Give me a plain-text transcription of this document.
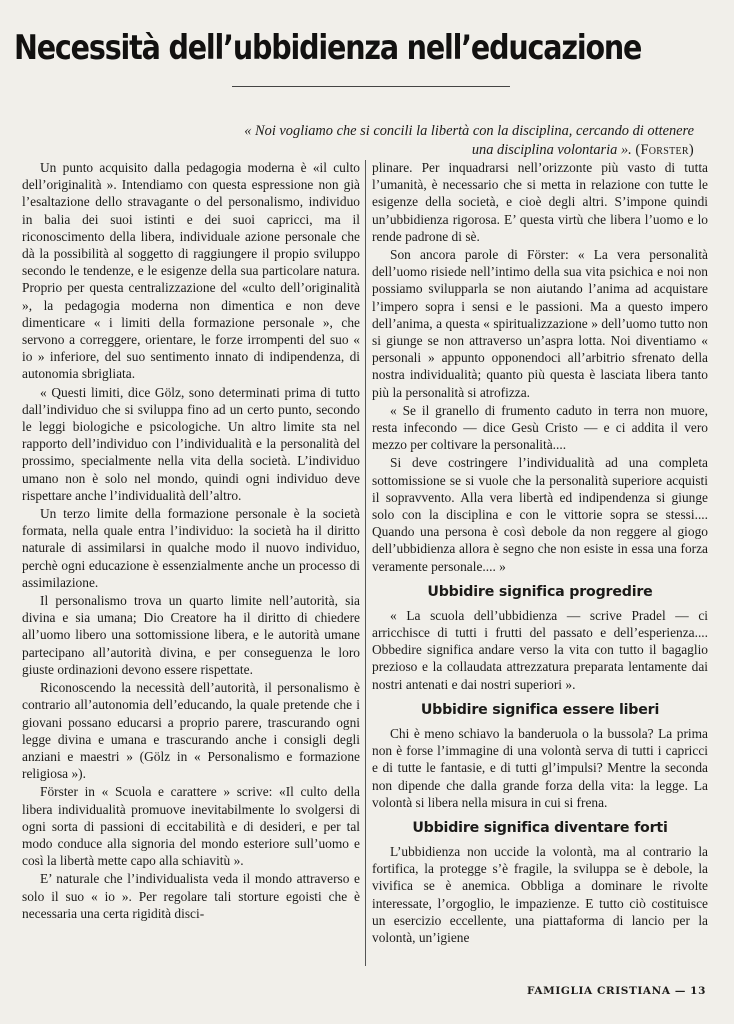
Necessità dell’ubbidienza nell’educazione
« Noi vogliamo che si concili la libertà con la disciplina, cercando di ottenere una disciplina volontaria ». (Forster)

Un punto acquisito dalla pedagogia moderna è «il culto dell’originalità ». Intendiamo con questa espressione non già l’esaltazione dello stravagante o del personalismo, individuo in balia dei suoi istinti e dei suoi capricci, ma il riconoscimento della libera, individuale azione personale che dà la possibilità al soggetto di raggiungere il propio sviluppo secondo le tendenze, e le esigenze della sua particolare natura. Proprio per questa centralizzazione del «culto dell’originalità », la pedagogia moderna non dimentica e non deve dimenticare « i limiti della formazione personale », che servono a correggere, orientare, le forze irrompenti del suo « io » inferiore, del suo sentimento innato di indipendenza, di autonomia sbrigliata.

« Questi limiti, dice Gölz, sono determinati prima di tutto dall’individuo che si sviluppa fino ad un certo punto, secondo le leggi biologiche e psicologiche. Un altro limite sta nel rapporto dell’individuo con l’individualità e la personalità del prossimo, specialmente nella vita della società. L’individuo umano non è solo nel mondo, quindi ogni individuo deve rispettare anche l’individualità dell’altro.

Un terzo limite della formazione personale è la società formata, nella quale entra l’individuo: la società ha il diritto naturale di assimilarsi in qualche modo il nuovo individuo, perchè ogni educazione è essenzialmente anche un processo di assimilazione.

Il personalismo trova un quarto limite nell’autorità, sia divina e sia umana; Dio Creatore ha il diritto di chiedere all’uomo libero una sottomissione libera, e le autorità umane partecipano all’autorità divina, e per conseguenza le loro giuste ordinazioni devono essere rispettate.

Riconoscendo la necessità dell’autorità, il personalismo è contrario all’autonomia dell’educando, la quale pretende che i giovani possano educarsi a proprio parere, trascurando ogni legge divina e umana e trascurando anche i consigli degli anziani e maestri » (Gölz in « Personalismo e formazione religiosa »).

Förster in « Scuola e carattere » scrive: «Il culto della libera individualità promuove inevitabilmente lo svolgersi di ogni sorta di passioni di eccitabilità e di desideri, e per tal modo conduce alla signoria del mondo esteriore sull’uomo e così la libertà mette capo alla schiavitù ».

E’ naturale che l’individualista veda il mondo attraverso e solo il suo « io ». Per regolare tali storture egoisti che è necessaria una certa rigidità disci-

plinare. Per inquadrarsi nell’orizzonte più vasto di tutta l’umanità, è necessario che si metta in relazione con tutte le esigenze della società, e cioè degli altri. S’impone quindi un’ubbidienza rigorosa. E’ questa virtù che libera l’uomo e lo rende padrone di sè.

Son ancora parole di Förster: « La vera personalità dell’uomo risiede nell’intimo della sua vita psichica e noi non possiamo svilupparla se non aiutando l’anima ad acquistare l’impero sopra i sensi e le passioni. Ma a questo impero dell’anima, a questa « spiritualizzazione » dell’uomo tutto non si giunge se non attraverso un’aspra lotta. Noi diventiamo « personali » appunto opponendoci all’arbitrio sfrenato della nostra individualità; quanto più questa è lasciata libera tanto più la personalità si atrofizza.

« Se il granello di frumento caduto in terra non muore, resta infecondo — dice Gesù Cristo — e ci addita il vero mezzo per coltivare la personalità....

Si deve costringere l’individualità ad una completa sottomissione se si vuole che la personalità superiore acquisti il sopravvento. Alla vera libertà ed indipendenza si giunge solo con la disciplina e con le vittorie sopra se stessi.... Quando una persona è così debole da non reggere al giogo dell’ubbidienza allora è segno che non esiste in essa una forza veramente personale.... »

Ubbidire significa progredire

« La scuola dell’ubbidienza — scrive Pradel — ci arricchisce di tutti i frutti del passato e dell’esperienza.... Obbedire significa andare verso la vita con tutto il bagaglio prezioso e la collaudata attrezzatura preparata lentamente dai nostri antenati e dai nostri superiori ».

Ubbidire significa essere liberi

Chi è meno schiavo la banderuola o la bussola? La prima non è forse l’immagine di una volontà serva di tutti i capricci e di tutte le fantasie, e di tutti gl’impulsi? Mentre la seconda non dipende che dalla grande forza della vita: la legge. La volontà si libera nella misura in cui si frena.

Ubbidire significa diventare forti

L’ubbidienza non uccide la volontà, ma al contrario la fortifica, la protegge s’è fragile, la sviluppa se è debole, la vivifica se è anemica. Obbliga a dominare le rivolte interessate, l’orgoglio, le impazienze. E tutto ciò costituisce un esercizio eccellente, una piattaforma di lancio per la volontà, un’igiene

FAMIGLIA CRISTIANA — 13
